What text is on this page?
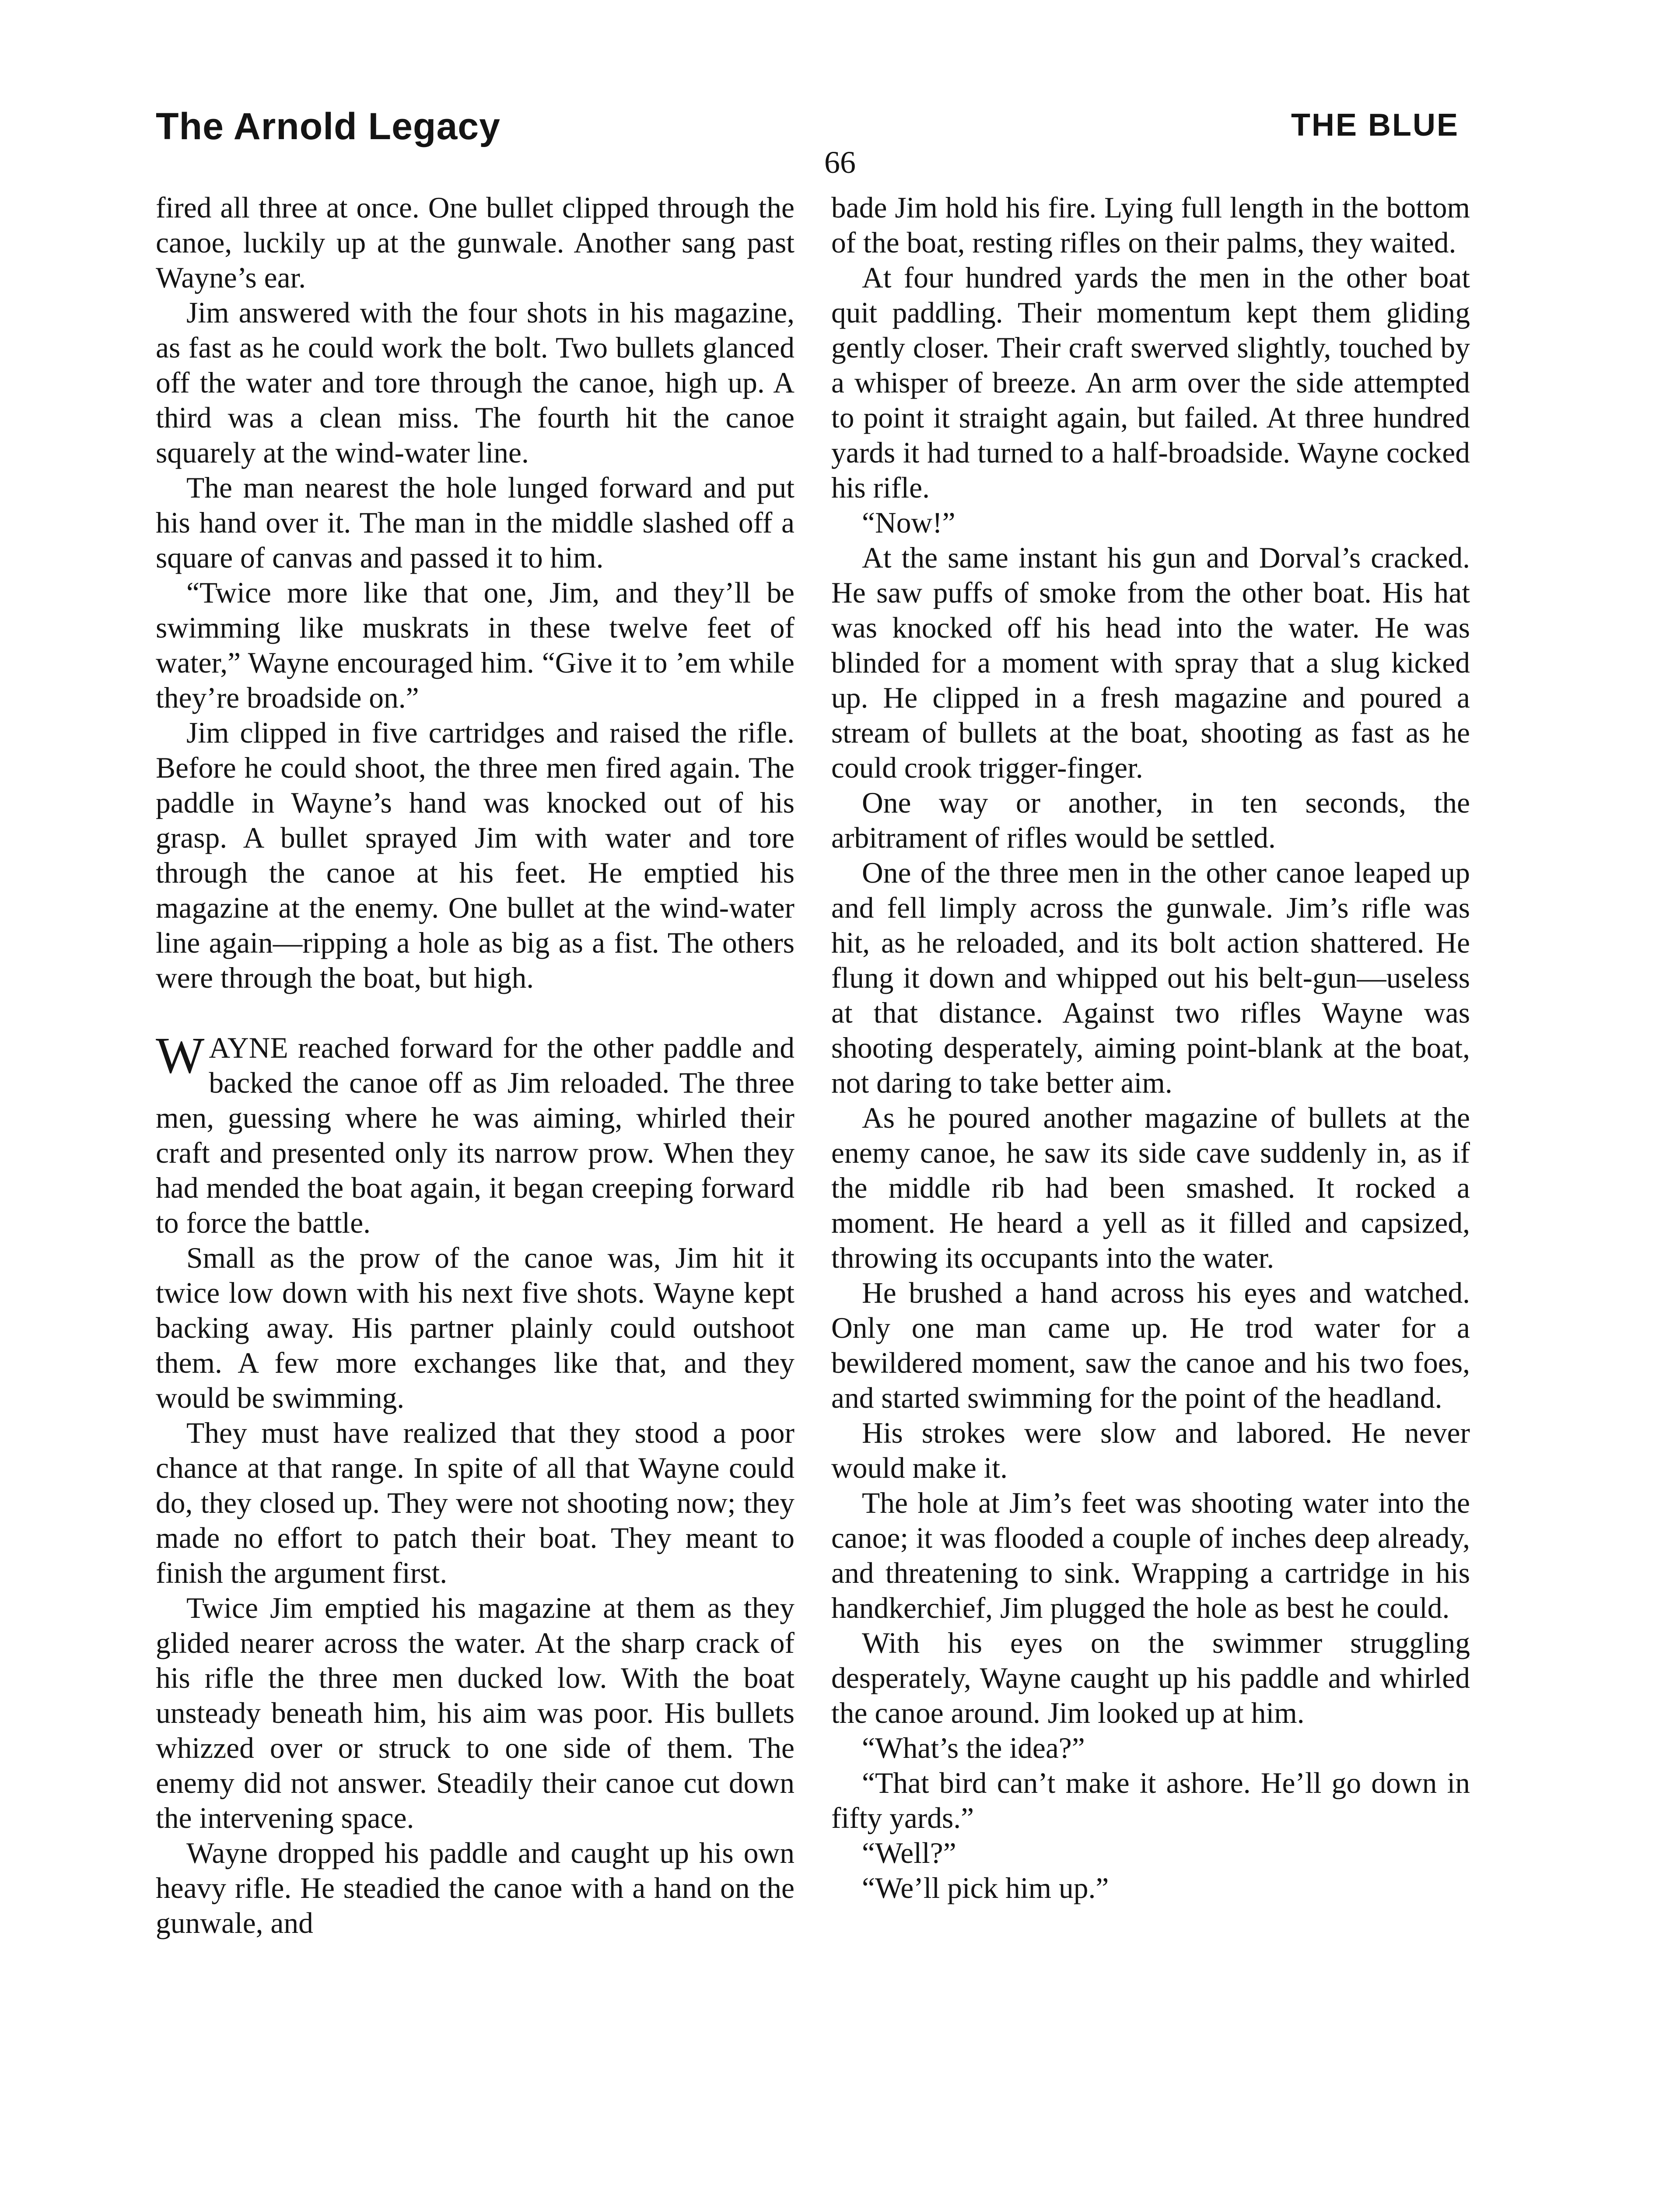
The Arnold Legacy	THE BLUE
66

fired all three at once. One bullet clipped through the canoe, luckily up at the gunwale. Another sang past Wayne’s ear.

Jim answered with the four shots in his magazine, as fast as he could work the bolt. Two bullets glanced off the water and tore through the canoe, high up. A third was a clean miss. The fourth hit the canoe squarely at the wind-water line.

The man nearest the hole lunged forward and put his hand over it. The man in the middle slashed off a square of canvas and passed it to him.

“Twice more like that one, Jim, and they’ll be swimming like muskrats in these twelve feet of water,” Wayne encouraged him. “Give it to ’em while they’re broadside on.”

Jim clipped in five cartridges and raised the rifle. Before he could shoot, the three men fired again. The paddle in Wayne’s hand was knocked out of his grasp. A bullet sprayed Jim with water and tore through the canoe at his feet. He emptied his magazine at the enemy. One bullet at the wind-water line again—ripping a hole as big as a fist. The others were through the boat, but high.

WAYNE reached forward for the other paddle and backed the canoe off as Jim reloaded. The three men, guessing where he was aiming, whirled their craft and presented only its narrow prow. When they had mended the boat again, it began creeping forward to force the battle.

Small as the prow of the canoe was, Jim hit it twice low down with his next five shots. Wayne kept backing away. His partner plainly could outshoot them. A few more exchanges like that, and they would be swimming.

They must have realized that they stood a poor chance at that range. In spite of all that Wayne could do, they closed up. They were not shooting now; they made no effort to patch their boat. They meant to finish the argument first.

Twice Jim emptied his magazine at them as they glided nearer across the water. At the sharp crack of his rifle the three men ducked low. With the boat unsteady beneath him, his aim was poor. His bullets whizzed over or struck to one side of them. The enemy did not answer. Steadily their canoe cut down the intervening space.

Wayne dropped his paddle and caught up his own heavy rifle. He steadied the canoe with a hand on the gunwale, and

bade Jim hold his fire. Lying full length in the bottom of the boat, resting rifles on their palms, they waited.

At four hundred yards the men in the other boat quit paddling. Their momentum kept them gliding gently closer. Their craft swerved slightly, touched by a whisper of breeze. An arm over the side attempted to point it straight again, but failed. At three hundred yards it had turned to a half-broadside. Wayne cocked his rifle.

“Now!”

At the same instant his gun and Dorval’s cracked. He saw puffs of smoke from the other boat. His hat was knocked off his head into the water. He was blinded for a moment with spray that a slug kicked up. He clipped in a fresh magazine and poured a stream of bullets at the boat, shooting as fast as he could crook trigger-finger.

One way or another, in ten seconds, the arbitrament of rifles would be settled.

One of the three men in the other canoe leaped up and fell limply across the gunwale. Jim’s rifle was hit, as he reloaded, and its bolt action shattered. He flung it down and whipped out his belt-gun—useless at that distance. Against two rifles Wayne was shooting desperately, aiming point-blank at the boat, not daring to take better aim.

As he poured another magazine of bullets at the enemy canoe, he saw its side cave suddenly in, as if the middle rib had been smashed. It rocked a moment. He heard a yell as it filled and capsized, throwing its occupants into the water.

He brushed a hand across his eyes and watched. Only one man came up. He trod water for a bewildered moment, saw the canoe and his two foes, and started swimming for the point of the headland.

His strokes were slow and labored. He never would make it.

The hole at Jim’s feet was shooting water into the canoe; it was flooded a couple of inches deep already, and threatening to sink. Wrapping a cartridge in his handkerchief, Jim plugged the hole as best he could.

With his eyes on the swimmer struggling desperately, Wayne caught up his paddle and whirled the canoe around. Jim looked up at him.

“What’s the idea?”

“That bird can’t make it ashore. He’ll go down in fifty yards.”

“Well?”

“We’ll pick him up.”
